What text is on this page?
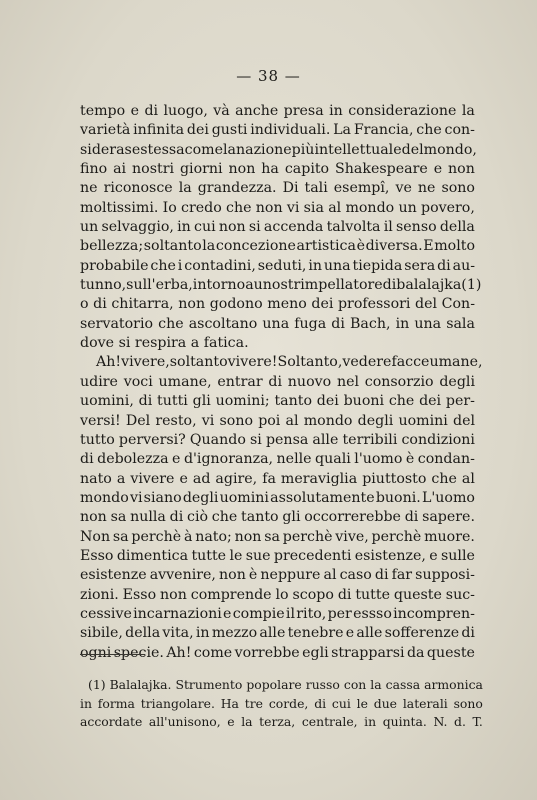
— 38 —
tempo e di luogo, và anche presa in considerazione la
varietà infinita dei gusti individuali. La Francia, che con-
sidera se stessa come la nazione più intellettuale del mondo,
fino ai nostri giorni non ha capito Shakespeare e non
ne riconosce la grandezza. Di tali esempî, ve ne sono
moltissimi. Io credo che non vi sia al mondo un povero,
un selvaggio, in cui non si accenda talvolta il senso della
bellezza; soltanto la concezione artistica è diversa. E molto
probabile che i contadini, seduti, in una tiepida sera di au-
tunno, sull'erba, intorno a uno strimpellatore di balalajka (1)
o di chitarra, non godono meno dei professori del Con-
servatorio che ascoltano una fuga di Bach, in una sala
dove
si
respira
a
fatica.
Ah! vivere, soltanto vivere! Soltanto, vedere facce umane,
udire voci umane, entrar di nuovo nel consorzio degli
uomini, di tutti gli uomini; tanto dei buoni che dei per-
versi! Del resto, vi sono poi al mondo degli uomini del
tutto perversi? Quando si pensa alle terribili condizioni
di debolezza e d'ignoranza, nelle quali l'uomo è condan-
nato a vivere e ad agire, fa meraviglia piuttosto che al
mondo vi siano degli uomini assolutamente buoni. L'uomo
non sa nulla di ciò che tanto gli occorrerebbe di sapere.
Non sa perchè à nato; non sa perchè vive, perchè muore.
Esso dimentica tutte le sue precedenti esistenze, e sulle
esistenze avvenire, non è neppure al caso di far supposi-
zioni. Esso non comprende lo scopo di tutte queste suc-
cessive incarnazioni e compie il rito, per essso incompren-
sibile, della vita, in mezzo alle tenebre e alle sofferenze di
ogni specie. Ah! come vorrebbe egli strapparsi da queste
(1) Balalajka. Strumento popolare russo con la cassa armonica
in forma triangolare. Ha tre corde, di cui le due laterali sono
accordate all'unisono, e la terza, centrale, in quinta. N. d. T.
